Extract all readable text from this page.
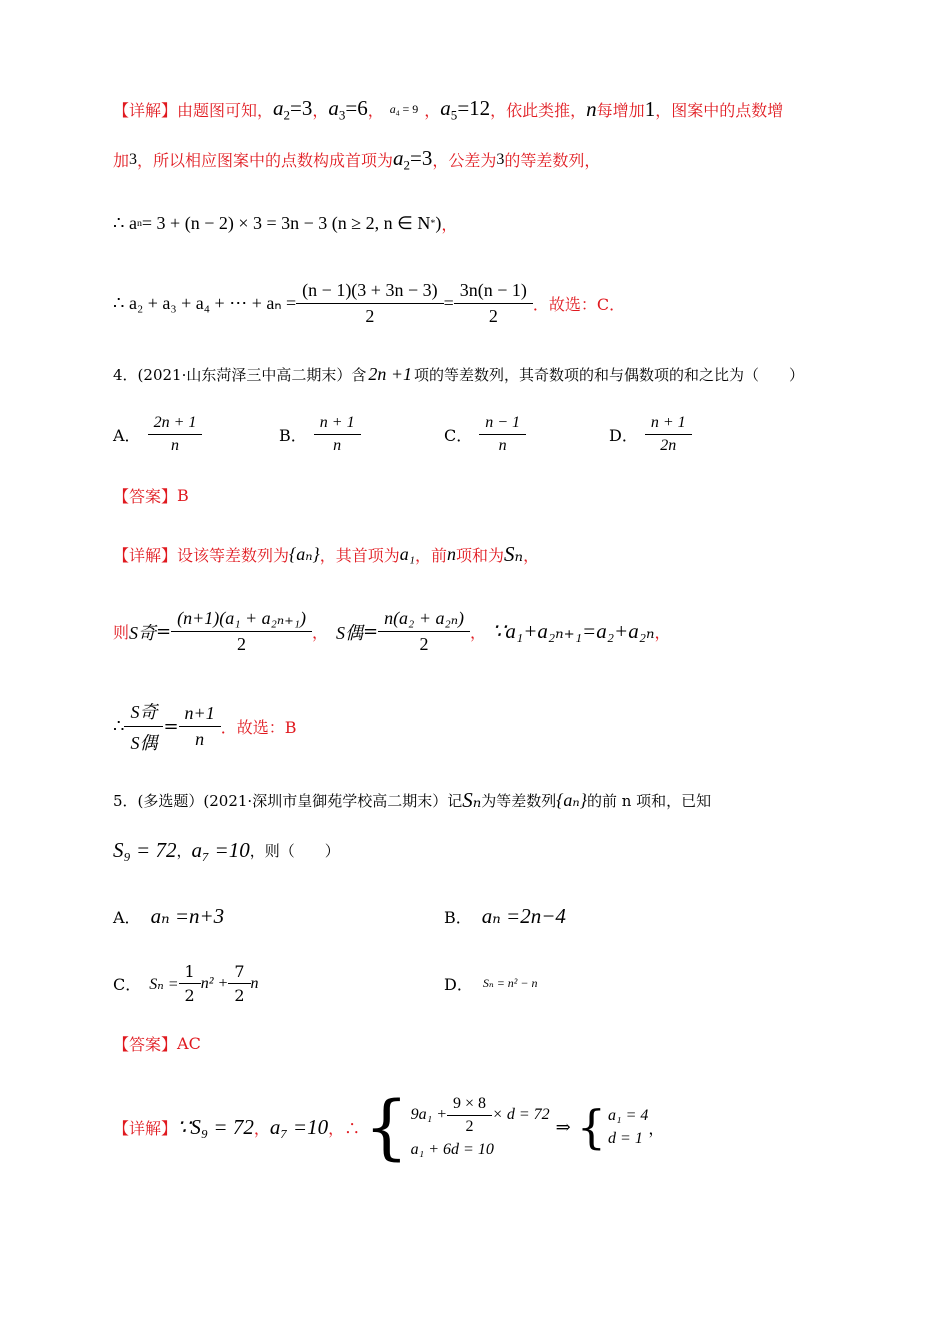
【详解】 由题图可知， $a_2=3$ ， $a_3=6$ ， $a_4 = 9$ ， $a_5=12$ ，依此类推， n 每增加 1 ，图案中的点数增
加 3 ，所以相应图案中的点数构成首项为 $a_2=3$ ，公差为 3 的等差数列，
∴ a n = 3 + (n − 2) × 3 = 3n − 3 (n ≥ 2, n ∈ N * ) ，
∴ a₂ + a₃ + a₄ + ⋯ + $a_n = \frac{(n - 1)(3 + 3n - 3)}{2} = \frac{3n(n - 1)}{2}$ ．故选：C．
4．(2021·山东菏泽三中高二期末）含 2n +1 项的等差数列，其奇数项的和与偶数项的和之比为（　　）
A． $\frac{2n + 1}{n}$	B． $\frac{n + 1}{n}$	C． $\frac{n - 1}{n}$	D． $\frac{n + 1}{2n}$
【答案】 B
【详解】 设该等差数列为 {aₙ} ，其首项为 a₁ ，前 n 项和为 Sₙ ，
则 S奇 = $\frac{\text{(n+1)(a₁ + a₂ₙ₊₁)}}{2}$ ， S偶 = $\frac{\text{n(a₂ + a₂ₙ)}}{2}$ ， ∵a₁+a₂ₙ₊₁=a₂+a₂ₙ ，
∴ $\frac{\text{S奇}}{\text{S偶}} = \frac{n+1}{n}$ ．故选：B
5．(多选题）(2021·深圳市皇御苑学校高二期末）记 Sₙ 为等差数列 {aₙ} 的前 n 项和，已知
S₉ = 72 ， a₇ =10 ，则（　　）
A． aₙ =n+3	B． aₙ =2n−4
C． $S_n = \frac{1}{2} n^2 + \frac{7}{2}$ n	D． Sₙ = n² − n
【答案】 AC
【详解】 ∵S₉ = 72 ， a₇ =10 ，∴ { $9a_1 + \frac{9 \times 8}{2} \times d = 72$
a₁ + 6d = 10
⇒ { a₁ = 4
d = 1
，
